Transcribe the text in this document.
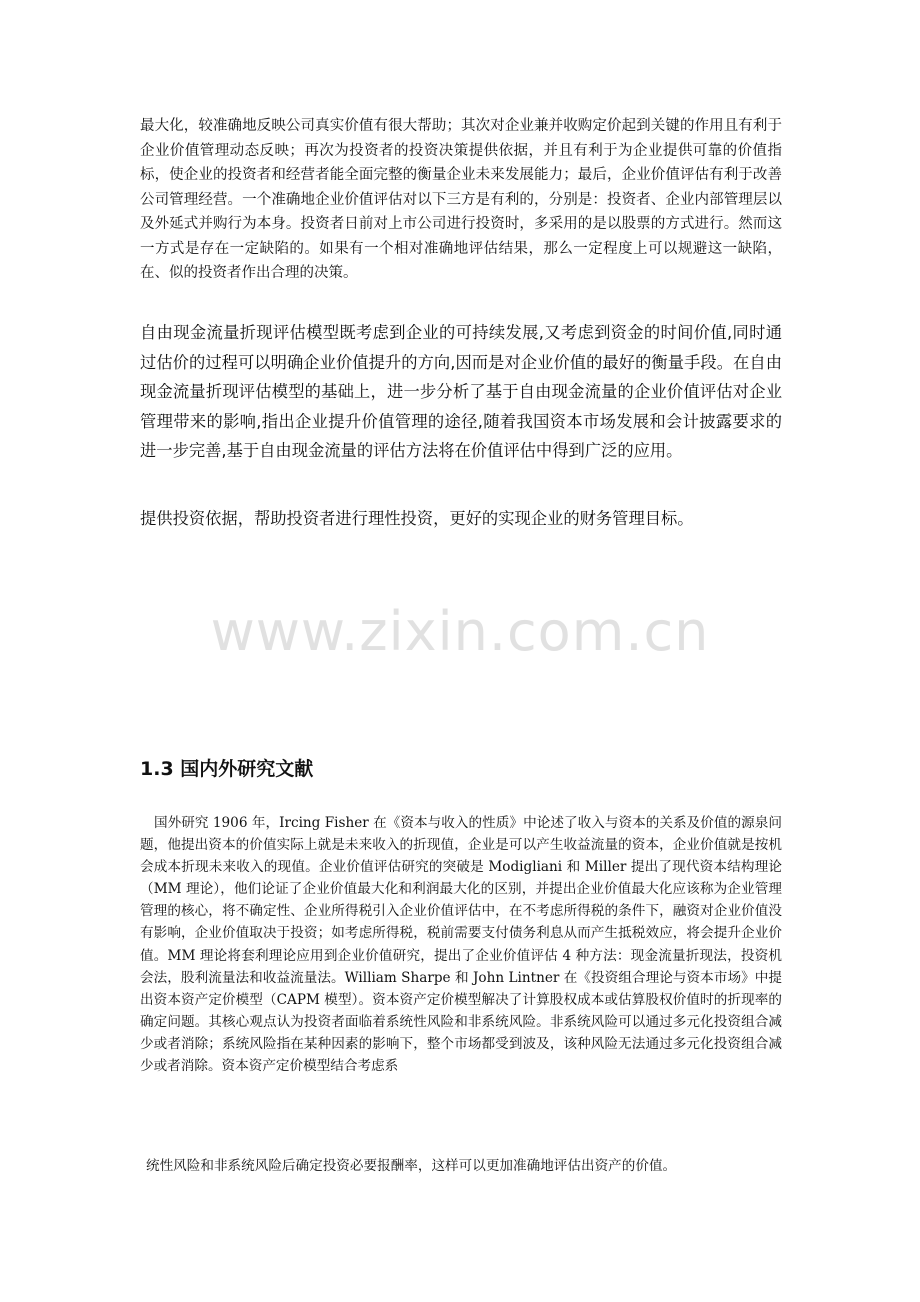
最大化，较准确地反映公司真实价值有很大帮助；其次对企业兼并收购定价起到关键的作用且有利于企业价值管理动态反映；再次为投资者的投资决策提供依据，并且有利于为企业提供可靠的价值指标，使企业的投资者和经营者能全面完整的衡量企业未来发展能力；最后，企业价值评估有利于改善公司管理经营。一个准确地企业价值评估对以下三方是有利的，分别是：投资者、企业内部管理层以及外延式并购行为本身。投资者日前对上市公司进行投资时，多采用的是以股票的方式进行。然而这一方式是存在一定缺陷的。如果有一个相对准确地评估结果，那么一定程度上可以规避这一缺陷，在、似的投资者作出合理的决策。

自由现金流量折现评估模型既考虑到企业的可持续发展,又考虑到资金的时间价值,同时通过估价的过程可以明确企业价值提升的方向,因而是对企业价值的最好的衡量手段。在自由现金流量折现评估模型的基础上，进一步分析了基于自由现金流量的企业价值评估对企业管理带来的影响,指出企业提升价值管理的途径,随着我国资本市场发展和会计披露要求的进一步完善,基于自由现金流量的评估方法将在价值评估中得到广泛的应用。

提供投资依据，帮助投资者进行理性投资，更好的实现企业的财务管理目标。

www.zixin.com.cn
1.3 国内外研究文献

国外研究 1906 年，Ircing Fisher 在《资本与收入的性质》中论述了收入与资本的关系及价值的源泉问题，他提出资本的价值实际上就是未来收入的折现值，企业是可以产生收益流量的资本，企业价值就是按机会成本折现未来收入的现值。企业价值评估研究的突破是 Modigliani 和 Miller 提出了现代资本结构理论（MM 理论），他们论证了企业价值最大化和利润最大化的区别，并提出企业价值最大化应该称为企业管理管理的核心，将不确定性、企业所得税引入企业价值评估中，在不考虑所得税的条件下，融资对企业价值没有影响，企业价值取决于投资；如考虑所得税，税前需要支付债务利息从而产生抵税效应，将会提升企业价值。MM 理论将套利理论应用到企业价值研究，提出了企业价值评估 4 种方法：现金流量折现法，投资机会法，股利流量法和收益流量法。William Sharpe 和 John Lintner 在《投资组合理论与资本市场》中提出资本资产定价模型（CAPM 模型）。资本资产定价模型解决了计算股权成本或估算股权价值时的折现率的确定问题。其核心观点认为投资者面临着系统性风险和非系统风险。非系统风险可以通过多元化投资组合减少或者消除；系统风险指在某种因素的影响下，整个市场都受到波及，该种风险无法通过多元化投资组合减少或者消除。资本资产定价模型结合考虑系

统性风险和非系统风险后确定投资必要报酬率，这样可以更加准确地评估出资产的价值。
